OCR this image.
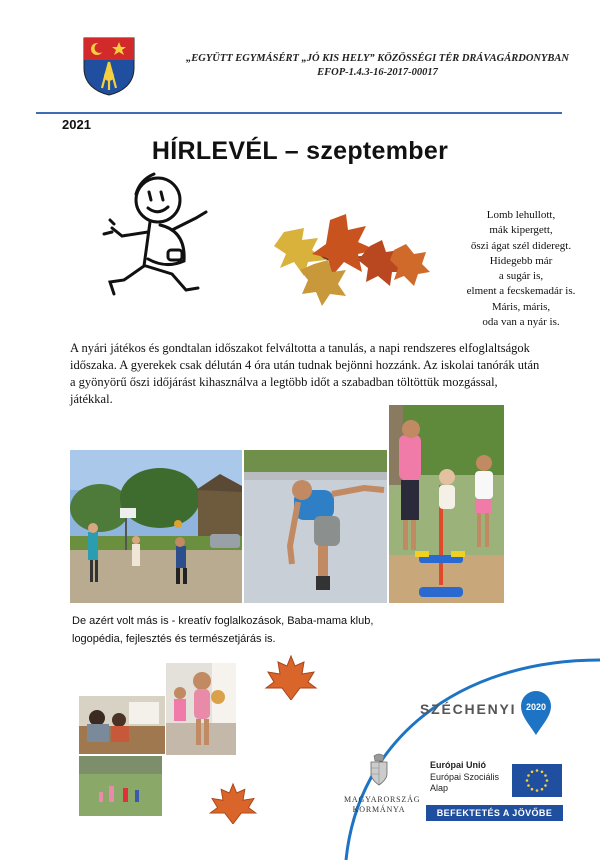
„EGYÜTT EGYMÁSÉRT „JÓ KIS HELY” KÖZÖSSÉGI TÉR DRÁVAGÁRDONYBAN
EFOP-1.4.3-16-2017-00017
2021
HÍRLEVÉL – szeptember
Lomb lehullott,
mák kipergett,
őszi ágat szél dideregt.
Hidegebb már
a sugár is,
elment a fecskemadár is.
Máris, máris,
oda van a nyár is.
A nyári játékos és gondtalan időszakot felváltotta a tanulás, a napi rendszeres elfoglaltságok
időszaka. A gyerekek csak délután 4 óra után tudnak bejönni hozzánk. Az iskolai tanórák után
a gyönyörű őszi időjárást kihasználva a legtöbb időt a szabadban töltöttük mozgással,
játékkal.
De azért volt más is - kreatív foglalkozások, Baba-mama klub,
logopédia, fejlesztés és természetjárás is.
SZÉCHENYI 2020
MAGYARORSZÁG
KORMÁNYA
Európai Unió
Európai Szociális
Alap
BEFEKTETÉS A JÖVŐBE
